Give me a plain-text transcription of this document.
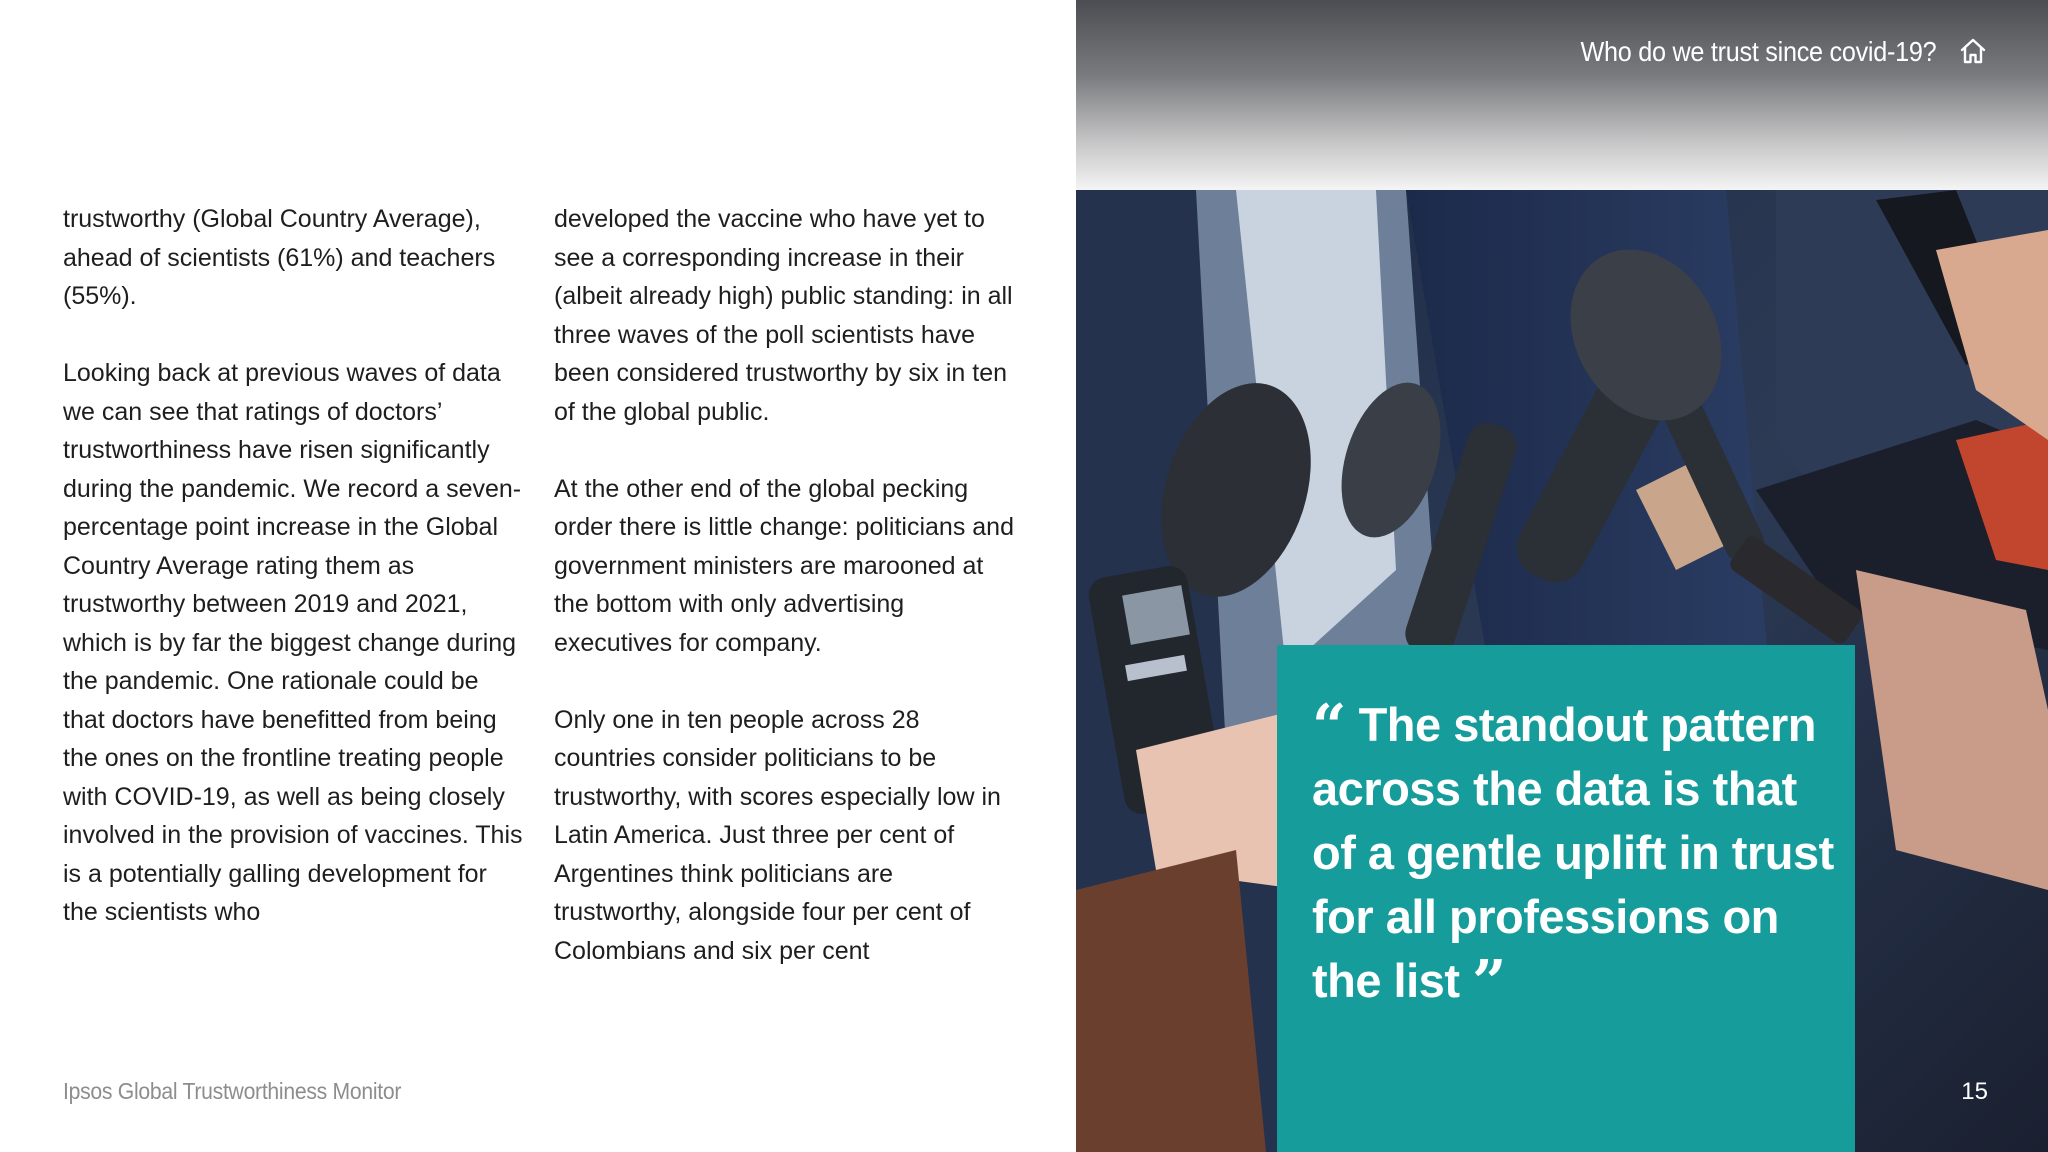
trustworthy (Global Country Average), ahead of scientists (61%) and teachers (55%).

Looking back at previous waves of data we can see that ratings of doctors’ trustworthiness have risen significantly during the pandemic. We record a seven-percentage point increase in the Global Country Average rating them as trustworthy between 2019 and 2021, which is by far the biggest change during the pandemic. One rationale could be that doctors have benefitted from being the ones on the frontline treating people with COVID-19, as well as being closely involved in the provision of vaccines. This is a potentially galling development for the scientists who

developed the vaccine who have yet to see a corresponding increase in their (albeit already high) public standing: in all three waves of the poll scientists have been considered trustworthy by six in ten of the global public.

At the other end of the global pecking order there is little change: politicians and government ministers are marooned at the bottom with only advertising executives for company.

Only one in ten people across 28 countries consider politicians to be trustworthy, with scores especially low in Latin America. Just three per cent of Argentines think politicians are trustworthy, alongside four per cent of Colombians and six per cent

Ipsos Global Trustworthiness Monitor
Who do we trust since covid-19?
“ The standout pattern across the data is that of a gentle uplift in trust for all professions on the list ”
15
